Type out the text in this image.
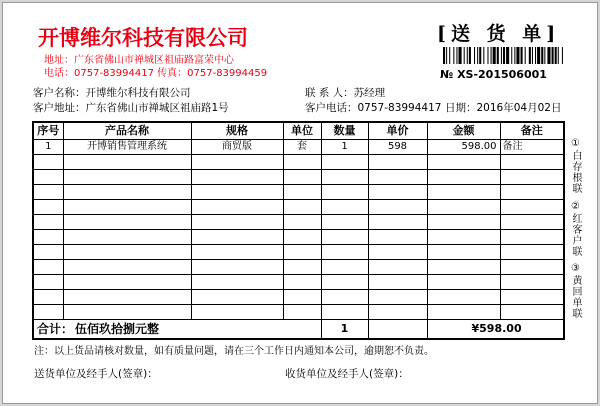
开博维尔科技有限公司
地址：广东省佛山市禅城区祖庙路富荣中心
电话：0757-83994417 传真：0757-83994459
[送 货 单]
№ XS-201506001
客户名称：开博维尔科技有限公司	联 系 人：苏经理
客户地址：广东省佛山市禅城区祖庙路1号	客户电话：0757-83994417 日期：2016年04月02日
序号	产品名称	规格	单位	数量	单价	金额	备注
1	开博销售管理系统	商贸版	套	1	598	598.00	备注

合计： 伍佰玖拾捌元整				1		¥598.00	
①白存根联
②红客户联
③黄回单联
注：以上货品请核对数量，如有质量问题，请在三个工作日内通知本公司，逾期恕不负责。
送货单位及经手人(签章)：	收货单位及经手人(签章)：
